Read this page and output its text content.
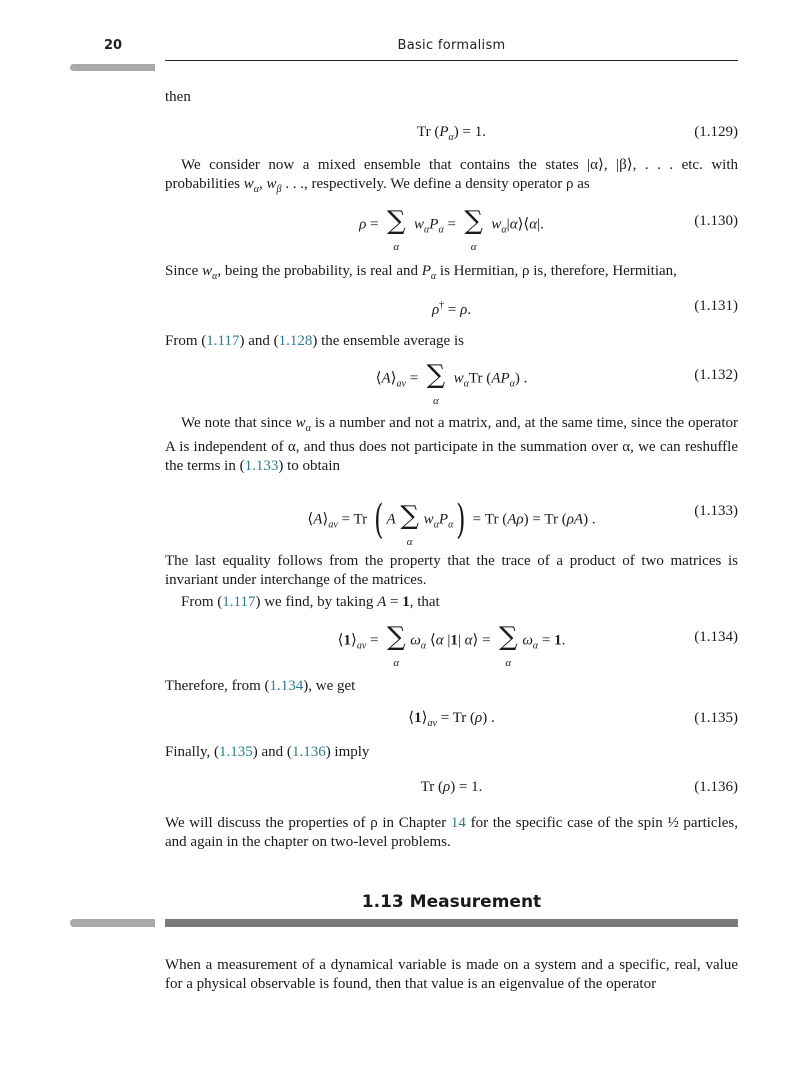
20	Basic formalism

then

Tr $(P_\alpha) = 1$.	(1.129)

We consider now a mixed ensemble that contains the states |α⟩, |β⟩, . . . etc. with probabilities $w_\alpha$, $w_\beta$ . . ., respectively. We define a density operator ρ as

ρ = ∑
α
$w_\alpha P_\alpha$ = ∑
α
$w_\alpha|\alpha⟩⟨\alpha|$.	(1.130)

Since $w_\alpha$, being the probability, is real and $P_\alpha$ is Hermitian, ρ is, therefore, Hermitian,

ρ† = ρ.	(1.131)

From (1.117) and (1.128) the ensemble average is

$⟨A⟩_{av}$ = ∑
α
$w_\alpha Tr$ $(AP_\alpha)$ .	(1.132)

We note that since $w_\alpha$ is a number and not a matrix, and, at the same time, since the operator A is independent of α, and thus does not participate in the summation over α, we can reshuffle the terms in (1.133) to obtain

$⟨A⟩_{av} = Tr$ ( A ∑
α
$w_\alpha P_\alpha) = Tr$ (Aρ) = Tr (ρA) .
(1.133)

The last equality follows from the property that the trace of a product of two matrices is invariant under interchange of the matrices.

From (1.117) we find, by taking A = 1, that

$⟨1⟩_{av}$ = ∑
α
$\omega_\alpha$ ⟨α |1| α⟩ = ∑
α
$\omega_\alpha = 1$.	(1.134)

Therefore, from (1.134), we get

$⟨1⟩_{av} = Tr$ (ρ) .	(1.135)

Finally, (1.135) and (1.136) imply

Tr (ρ) = 1.	(1.136)

We will discuss the properties of ρ in Chapter 14 for the specific case of the spin ½ particles, and again in the chapter on two-level problems.

1.13 Measurement

When a measurement of a dynamical variable is made on a system and a specific, real, value for a physical observable is found, then that value is an eigenvalue of the operator
